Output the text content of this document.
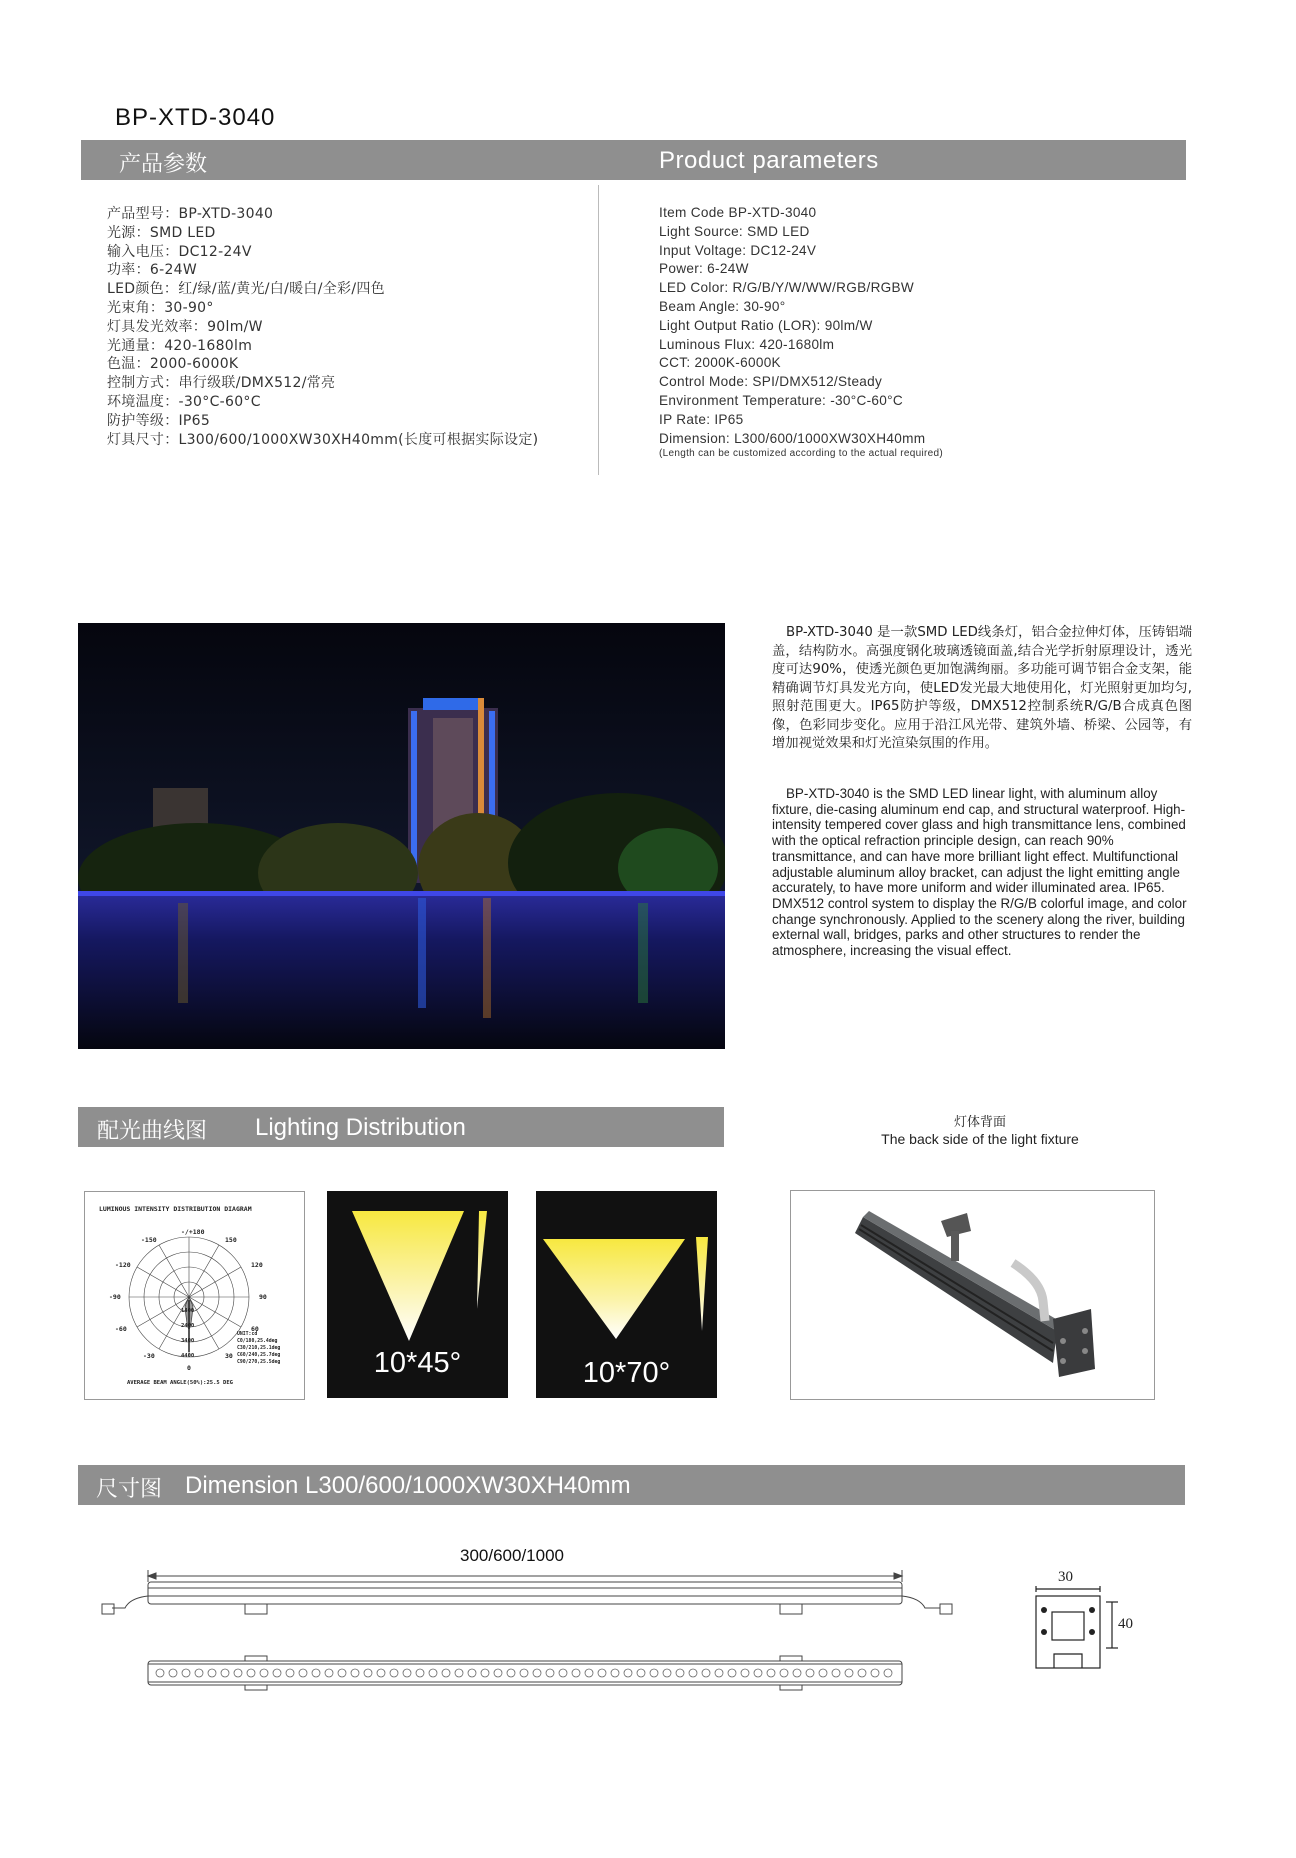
BP-XTD-3040
产品参数	Product parameters
产品型号：BP-XTD-3040
光源：SMD LED
输入电压：DC12-24V
功率：6-24W
LED颜色：红/绿/蓝/黄光/白/暖白/全彩/四色
光束角：30-90°
灯具发光效率：90lm/W
光通量：420-1680lm
色温：2000-6000K
控制方式：串行级联/DMX512/常亮
环境温度：-30°C-60°C
防护等级：IP65
灯具尺寸：L300/600/1000XW30XH40mm(长度可根据实际设定)
Item Code BP-XTD-3040
Light Source: SMD LED
Input Voltage: DC12-24V
Power: 6-24W
LED Color: R/G/B/Y/W/WW/RGB/RGBW
Beam Angle: 30-90°
Light Output Ratio (LOR): 90lm/W
Luminous Flux: 420-1680lm
CCT: 2000K-6000K
Control Mode: SPI/DMX512/Steady
Environment Temperature: -30°C-60°C
IP Rate: IP65
Dimension: L300/600/1000XW30XH40mm
(Length can be customized according to the actual required)
BP-XTD-3040 是一款SMD LED线条灯，铝合金拉伸灯体，压铸铝端盖，结构防水。高强度钢化玻璃透镜面盖,结合光学折射原理设计，透光度可达90%，使透光颜色更加饱满绚丽。多功能可调节铝合金支架，能精确调节灯具发光方向，使LED发光最大地使用化，灯光照射更加均匀,照射范围更大。IP65防护等级，DMX512控制系统R/G/B合成真色图像，色彩同步变化。应用于沿江风光带、建筑外墙、桥梁、公园等，有增加视觉效果和灯光渲染氛围的作用。
BP-XTD-3040 is the SMD LED linear light, with aluminum alloy fixture, die-casing aluminum end cap, and structural waterproof. High-intensity tempered cover glass and high transmittance lens, combined with the optical refraction principle design, can reach 90% transmittance, and can have more brilliant light effect. Multifunctional adjustable aluminum alloy bracket, can adjust the light emitting angle accurately, to have more uniform and wider illuminated area. IP65. DMX512 control system to display the R/G/B colorful image, and color change synchronously. Applied to the scenery along the river, building external wall, bridges, parks and other structures to render the atmosphere, increasing the visual effect.
配光曲线图 Lighting Distribution	灯体背面
The back side of the light fixture
LUMINOUS INTENSITY DISTRIBUTION DIAGRAM
-150
-/+180
150
-120
-90
-60
-30
120
90
60
30
0
1400
2400
3400
4400
UNIT:cd
C0/180,25.4deg
C30/210,25.1deg
C60/240,25.7deg
C90/270,25.5deg
AVERAGE BEAM ANGLE(50%):25.5 DEG
10*45°	10*70°
尺寸图 Dimension L300/600/1000XW30XH40mm
300/600/1000
30
40
